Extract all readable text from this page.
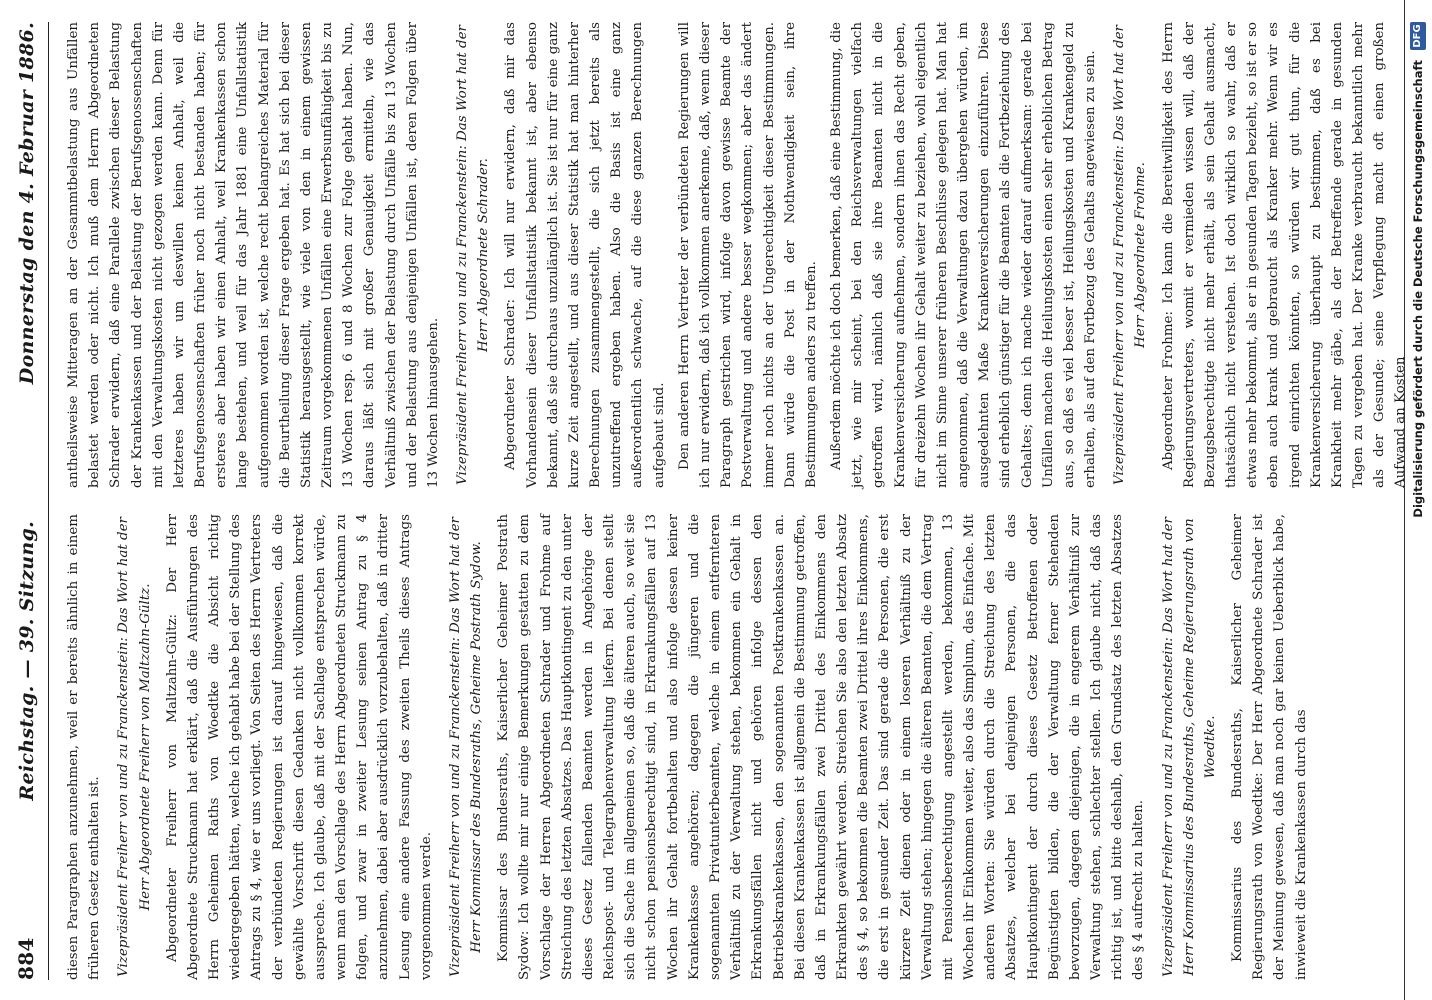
884
Reichstag. — 39. Sitzung.
Donnerstag den 4. Februar 1886.

diesen Paragraphen anzunehmen, weil er bereits ähnlich in einem früheren Gesetz enthalten ist. Vizepräsident Freiherr von und zu Franckenstein: Das Wort hat der Herr Abgeordnete Freiherr von Maltzahn-Gültz. Abgeordneter Freiherr von Maltzahn-Gültz: Der Herr Abgeordnete Struckmann hat erklärt, daß die Ausführungen des Herrn Geheimen Raths von Woedtke die Absicht richtig wiedergegeben hätten, welche ich gehabt habe bei der Stellung des Antrags zu § 4, wie er uns vorliegt. Von Seiten des Herrn Vertreters der verbündeten Regierungen ist darauf hingewiesen, daß die gewählte Vorschrift diesen Gedanken nicht vollkommen korrekt ausspreche. Ich glaube, daß mit der Sachlage entsprechen würde, wenn man den Vorschlage des Herrn Abgeordneten Struckmann zu folgen, und zwar in zweiter Lesung seinen Antrag zu § 4 anzunehmen, dabei aber ausdrücklich vorzubehalten, daß in dritter Lesung eine andere Fassung des zweiten Theils dieses Antrags vorgenommen werde. Vizepräsident Freiherr von und zu Franckenstein: Das Wort hat der Herr Kommissar des Bundesraths, Geheime Postrath Sydow. Kommissar des Bundesraths, Kaiserlicher Geheimer Postrath Sydow: Ich wollte mir nur einige Bemerkungen gestatten zu dem Vorschlage der Herren Abgeordneten Schrader und Frohme auf Streichung des letzten Absatzes. Das Hauptkontingent zu den unter dieses Gesetz fallenden Beamten werden in Angehörige der Reichspost- und Telegraphenverwaltung liefern. Bei denen stellt sich die Sache im allgemeinen so, daß die älteren auch, so weit sie nicht schon pensionsberechtigt sind, in Erkrankungsfällen auf 13 Wochen ihr Gehalt fortbehalten und also infolge dessen keiner Krankenkasse angehören; dagegen die jüngeren und die sogenannten Privatunterbeamten, welche in einem entfernteren Verhältniß zu der Verwaltung stehen, bekommen ein Gehalt in Erkrankungsfällen nicht und gehören infolge dessen den Betriebskrankenkassen, den sogenannten Postkrankenkassen an. Bei diesen Krankenkassen ist allgemein die Bestimmung getroffen, daß in Erkrankungsfällen zwei Drittel des Einkommens den Erkrankten gewährt werden. Streichen Sie also den letzten Absatz des § 4, so bekommen die Beamten zwei Drittel ihres Einkommens, die erst in gesunder Zeit. Das sind gerade die Personen, die erst kürzere Zeit dienen oder in einem loseren Verhältniß zu der Verwaltung stehen; hingegen die älteren Beamten, die dem Vertrag mit Pensionsberechtigung angestellt werden, bekommen, 13 Wochen ihr Einkommen weiter, also das Simplum, das Einfache. Mit anderen Worten: Sie würden durch die Streichung des letzten Absatzes, welcher bei denjenigen Personen, die das Hauptkontingent der durch dieses Gesetz Betroffenen oder Begünstigten bilden, die der Verwaltung ferner Stehenden bevorzugen, dagegen diejenigen, die in engerem Verhältniß zur Verwaltung stehen, schlechter stellen. Ich glaube nicht, daß das richtig ist, und bitte deshalb, den Grundsatz des letzten Absatzes des § 4 aufrecht zu halten. Vizepräsident Freiherr von und zu Franckenstein: Das Wort hat der Herr Kommissarius des Bundesraths, Geheime Regierungsrath von Woedtke. Kommissarius des Bundesraths, Kaiserlicher Geheimer Regierungsrath von Woedtke: Der Herr Abgeordnete Schrader ist der Meinung gewesen, daß man noch gar keinen Ueberblick habe, inwieweit die Krankenkassen durch das

antheilsweise Mitteragen an der Gesammtbelastung aus Unfällen belastet werden oder nicht. Ich muß dem Herrn Abgeordneten Schrader erwidern, daß eine Parallele zwischen dieser Belastung der Krankenkassen und der Belastung der Berufsgenossenschaften mit den Verwaltungskosten nicht gezogen werden kann. Denn für letzteres haben wir um deswillen keinen Anhalt, weil die Berufsgenossenschaften früher noch nicht bestanden haben; für ersteres aber haben wir einen Anhalt, weil Krankenkassen schon lange bestehen, und weil für das Jahr 1881 eine Unfallstatistik aufgenommen worden ist, welche recht belangreiches Material für die Beurtheilung dieser Frage ergeben hat. Es hat sich bei dieser Statistik herausgestellt, wie viele von den in einem gewissen Zeitraum vorgekommenen Unfällen eine Erwerbsunfähigkeit bis zu 13 Wochen resp. 6 und 8 Wochen zur Folge gehabt haben. Nun, daraus läßt sich mit großer Genauigkeit ermitteln, wie das Verhältniß zwischen der Belastung durch Unfälle bis zu 13 Wochen und der Belastung aus denjenigen Unfällen ist, deren Folgen über 13 Wochen hinausgehen. Vizepräsident Freiherr von und zu Franckenstein: Das Wort hat der Herr Abgeordnete Schrader. Abgeordneter Schrader: Ich will nur erwidern, daß mir das Vorhandensein dieser Unfallstatistik bekannt ist, aber ebenso bekannt, daß sie durchaus unzulänglich ist. Sie ist nur für eine ganz kurze Zeit angestellt, und aus dieser Statistik hat man hinterher Berechnungen zusammengestellt, die sich jetzt bereits als unzutreffend ergeben haben. Also die Basis ist eine ganz außerordentlich schwache, auf die diese ganzen Berechnungen aufgebaut sind. Den anderen Herrn Vertreter der verbündeten Regierungen will ich nur erwidern, daß ich vollkommen anerkenne, daß, wenn dieser Paragraph gestrichen wird, infolge davon gewisse Beamte der Postverwaltung und andere besser wegkommen; aber das ändert immer noch nichts an der Ungerechtigkeit dieser Bestimmungen. Dann würde die Post in der Nothwendigkeit sein, ihre Bestimmungen anders zu treffen. Außerdem möchte ich doch bemerken, daß eine Bestimmung, die jetzt, wie mir scheint, bei den Reichsverwaltungen vielfach getroffen wird, nämlich daß sie ihre Beamten nicht in die Krankenversicherung aufnehmen, sondern ihnen das Recht geben, für dreizehn Wochen ihr Gehalt weiter zu beziehen, wohl eigentlich nicht im Sinne unserer früheren Beschlüsse gelegen hat. Man hat angenommen, daß die Verwaltungen dazu übergehen würden, im ausgedehnten Maße Krankenversicherungen einzuführen. Diese sind erheblich günstiger für die Beamten als die Fortbeziehung des Gehaltes; denn ich mache wieder darauf aufmerksam: gerade bei Unfällen machen die Heilungskosten einen sehr erheblichen Betrag aus, so daß es viel besser ist, Heilungskosten und Krankengeld zu erhalten, als auf den Fortbezug des Gehalts angewiesen zu sein. Vizepräsident Freiherr von und zu Franckenstein: Das Wort hat der Herr Abgeordnete Frohme. Abgeordneter Frohme: Ich kann die Bereitwilligkeit des Herrn Regierungsvertreters, womit er vermieden wissen will, daß der Bezugsberechtigte nicht mehr erhält, als sein Gehalt ausmacht, thatsächlich nicht verstehen. Ist doch wirklich so wahr, daß er etwas mehr bekommt, als er in gesunden Tagen bezieht, so ist er so eben auch krank und gebraucht als Kranker mehr. Wenn wir es irgend einrichten könnten, so würden wir gut thun, für die Krankenversicherung überhaupt zu bestimmen, daß es bei Krankheit mehr gäbe, als der Betreffende gerade in gesunden Tagen zu vergeben hat. Der Kranke verbraucht bekanntlich mehr als der Gesunde; seine Verpflegung macht oft einen großen Aufwand an Kosten Digitalisierung gefördert durch die Deutsche Forschungsgemeinschaft
DFG
